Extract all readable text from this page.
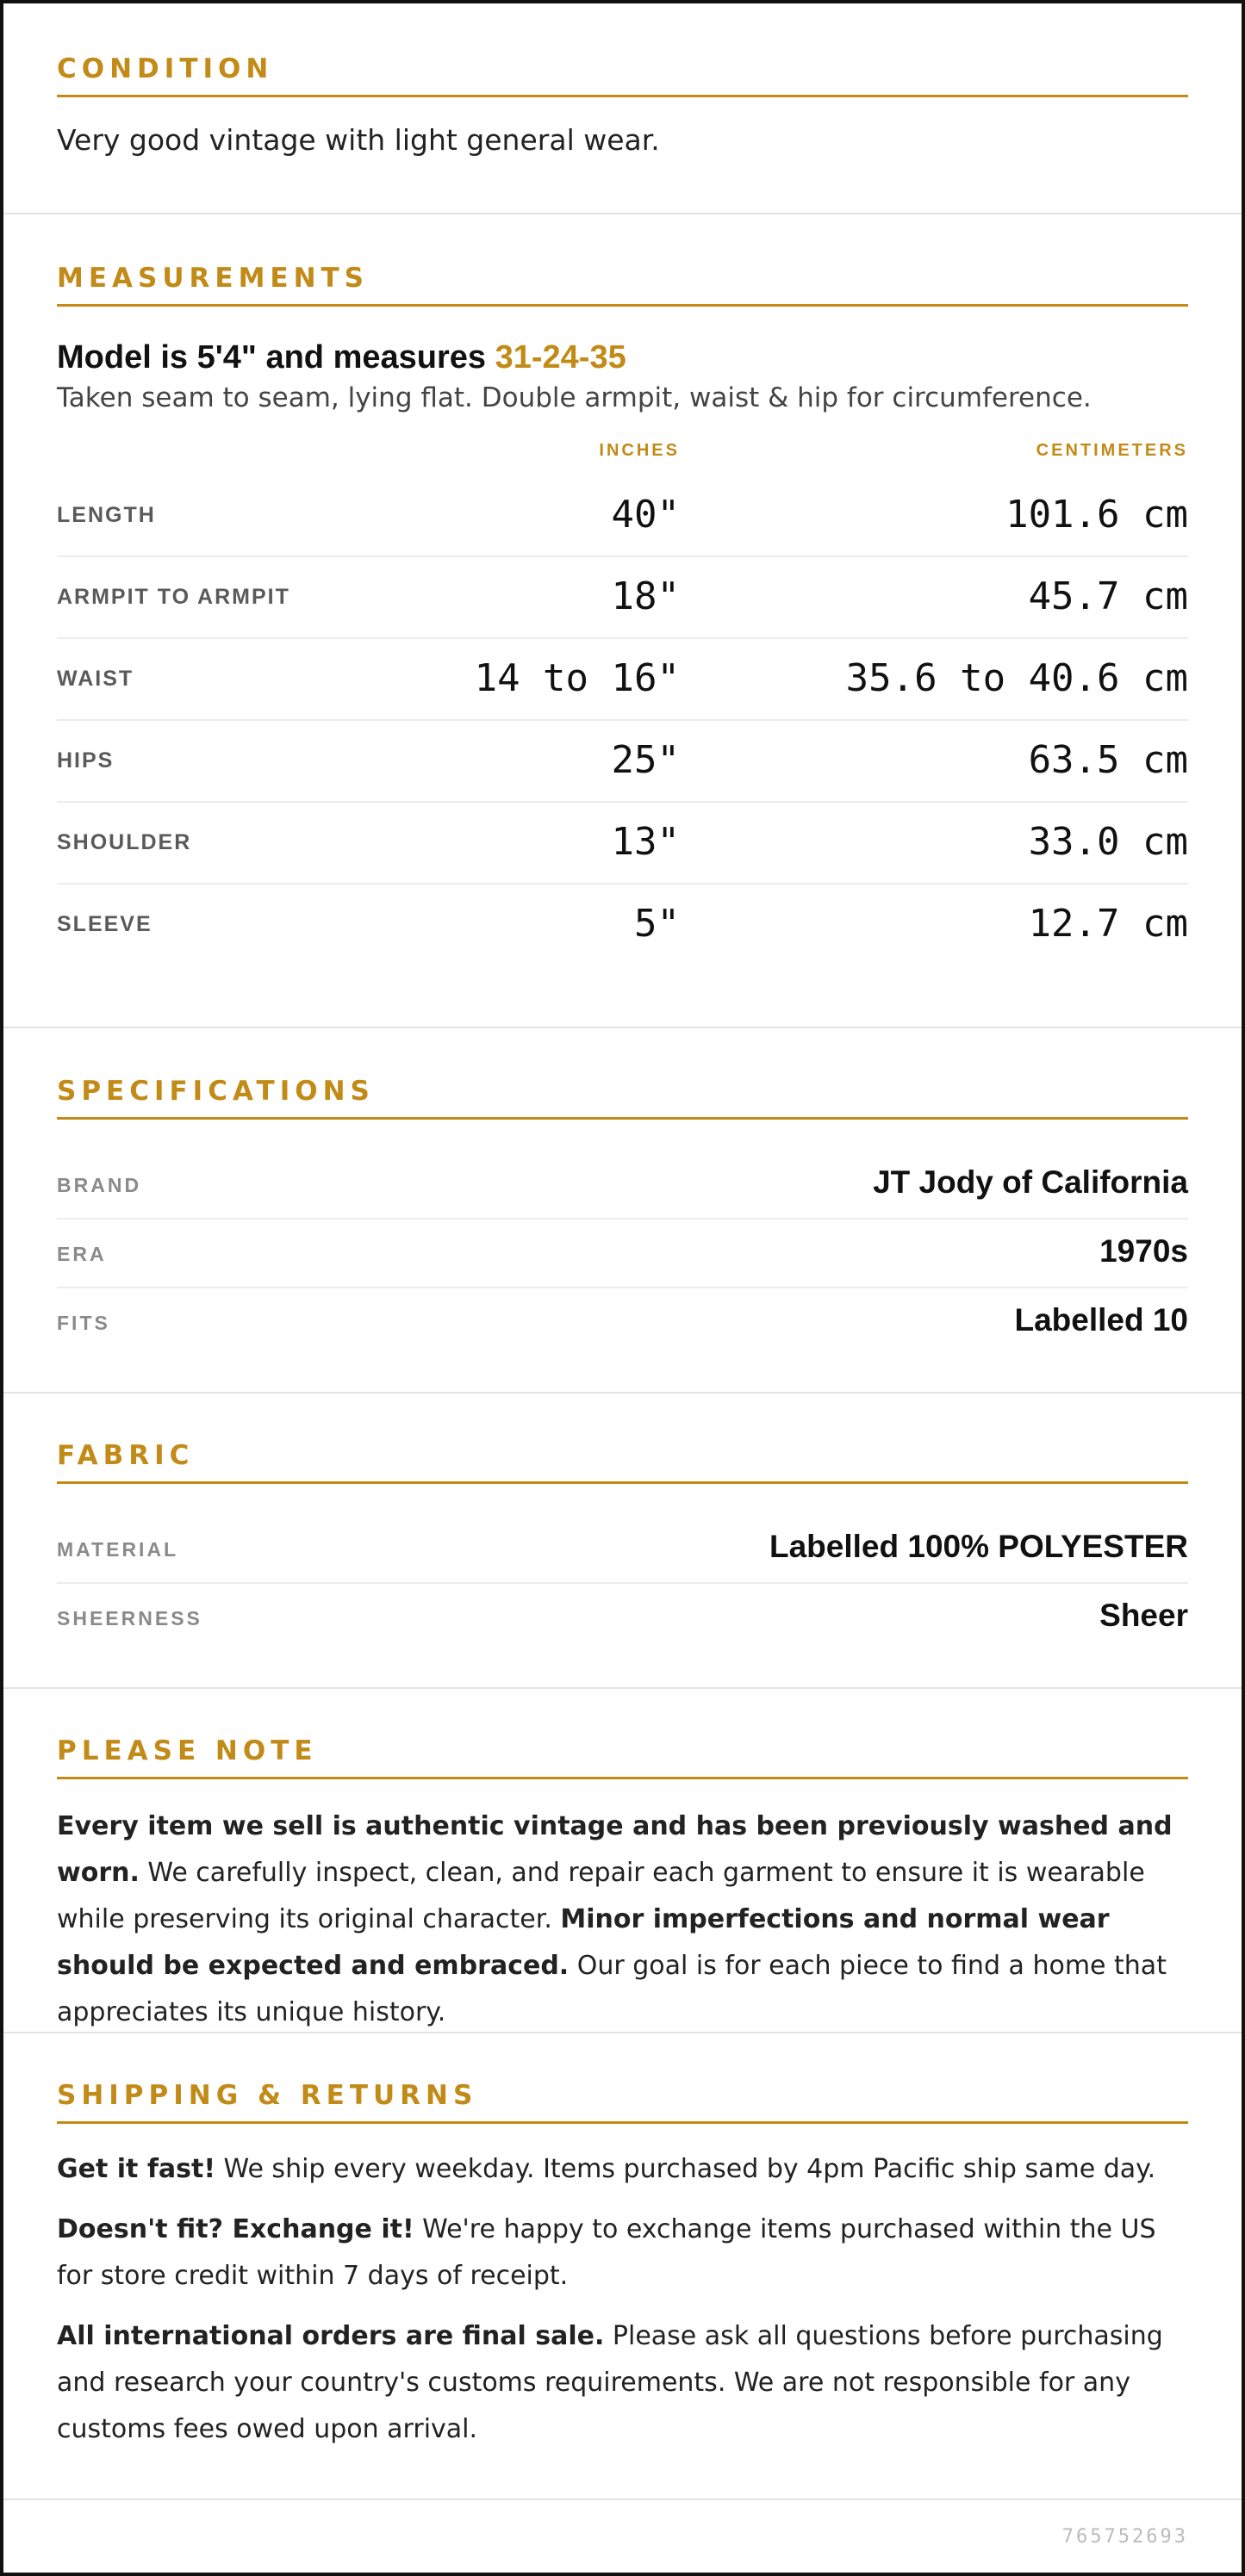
CONDITION
Very good vintage with light general wear.
MEASUREMENTS
Model is 5'4" and measures 31-24-35
Taken seam to seam, lying flat. Double armpit, waist & hip for circumference.
INCHES	CENTIMETERS
LENGTH	40"	101.6 cm
ARMPIT TO ARMPIT	18"	45.7 cm
WAIST	14 to 16"	35.6 to 40.6 cm
HIPS	25"	63.5 cm
SHOULDER	13"	33.0 cm
SLEEVE	5"	12.7 cm
SPECIFICATIONS
BRAND	JT Jody of California
ERA	1970s
FITS	Labelled 10
FABRIC
MATERIAL	Labelled 100% POLYESTER
SHEERNESS	Sheer
PLEASE NOTE
Every item we sell is authentic vintage and has been previously washed and worn. We carefully inspect, clean, and repair each garment to ensure it is wearable while preserving its original character. Minor imperfections and normal wear should be expected and embraced. Our goal is for each piece to find a home that appreciates its unique history.
SHIPPING & RETURNS
Get it fast! We ship every weekday. Items purchased by 4pm Pacific ship same day.
Doesn't fit? Exchange it! We're happy to exchange items purchased within the US for store credit within 7 days of receipt.
All international orders are final sale. Please ask all questions before purchasing and research your country's customs requirements. We are not responsible for any customs fees owed upon arrival.
765752693
